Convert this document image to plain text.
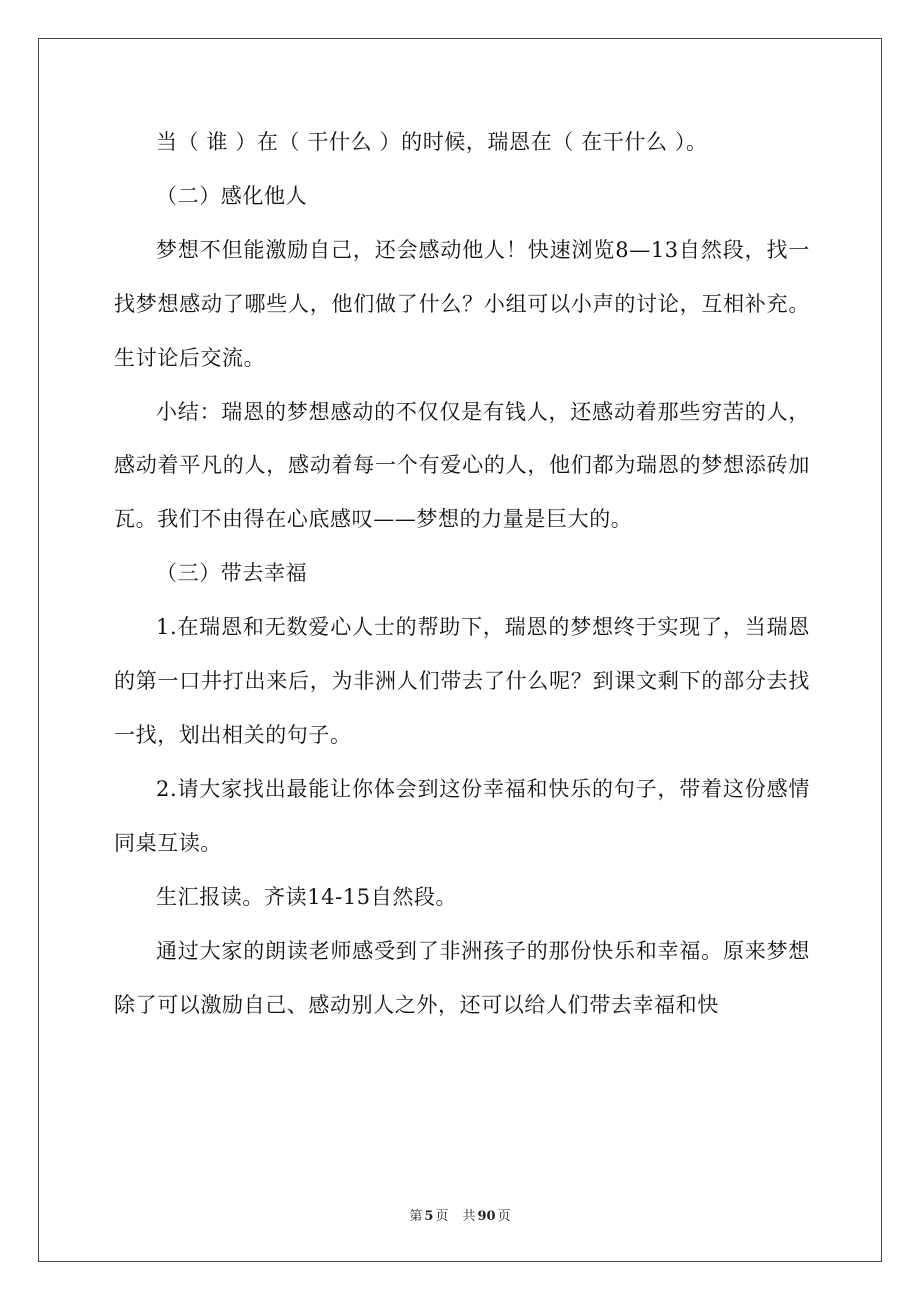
当（ 谁 ）在（ 干什么 ）的时候，瑞恩在（ 在干什么 ）。

（二）感化他人

梦想不但能激励自己，还会感动他人！快速浏览8—13自然段，找一找梦想感动了哪些人，他们做了什么？小组可以小声的讨论，互相补充。生讨论后交流。

小结：瑞恩的梦想感动的不仅仅是有钱人，还感动着那些穷苦的人，感动着平凡的人，感动着每一个有爱心的人，他们都为瑞恩的梦想添砖加瓦。我们不由得在心底感叹——梦想的力量是巨大的。

（三）带去幸福

1.在瑞恩和无数爱心人士的帮助下，瑞恩的梦想终于实现了，当瑞恩的第一口井打出来后，为非洲人们带去了什么呢？到课文剩下的部分去找一找，划出相关的句子。

2.请大家找出最能让你体会到这份幸福和快乐的句子，带着这份感情同桌互读。

生汇报读。齐读14-15自然段。

通过大家的朗读老师感受到了非洲孩子的那份快乐和幸福。原来梦想除了可以激励自己、感动别人之外，还可以给人们带去幸福和快

第 5 页 共 90 页
